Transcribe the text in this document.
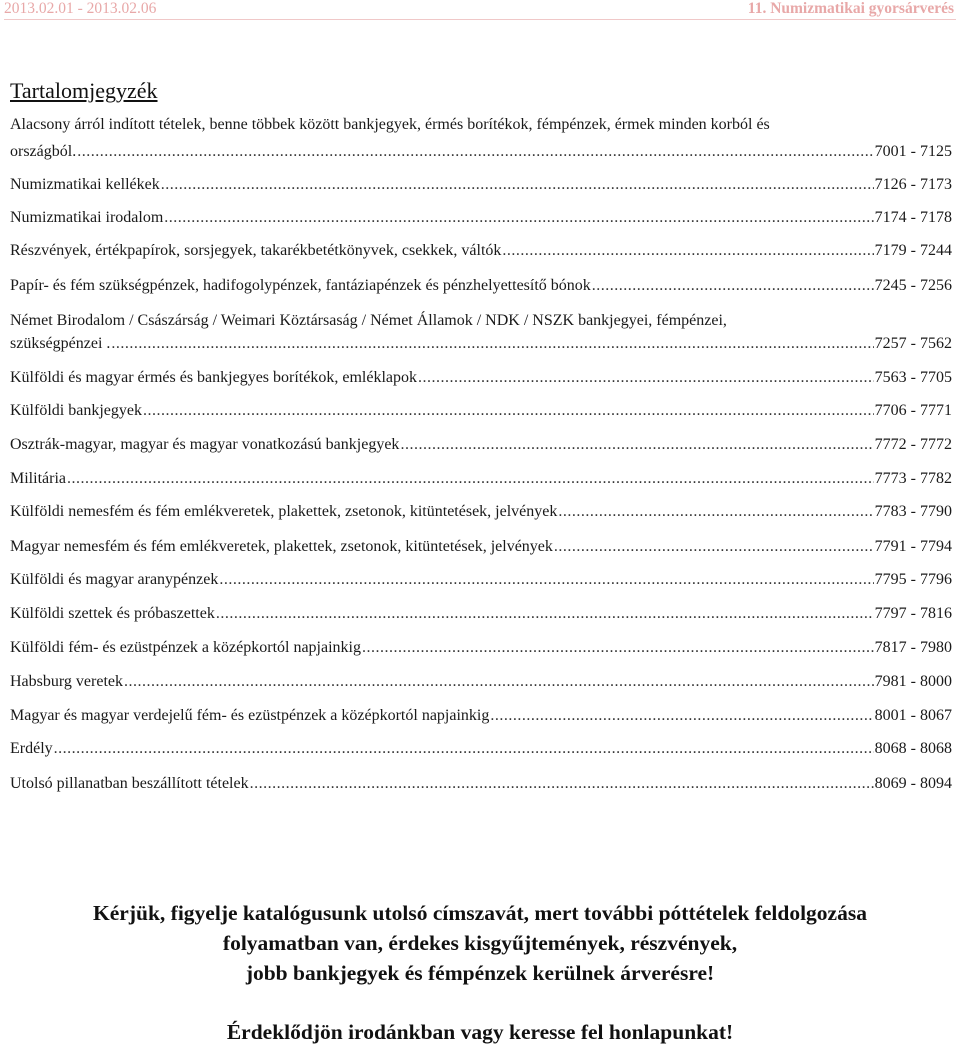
2013.02.01 - 2013.02.06	11. Numizmatikai gyorsárverés
Tartalomjegyzék
Alacsony árról indított tételek, benne többek között bankjegyek, érmés borítékok, fémpénzek, érmek minden korból és
országból. .....	7001 - 7125
Numizmatikai kellékek .....	7126 - 7173
Numizmatikai irodalom .....	7174 - 7178
Részvények, értékpapírok, sorsjegyek, takarékbetétkönyvek, csekkek, váltók .....	7179 - 7244
Papír- és fém szükségpénzek, hadifogolypénzek, fantáziapénzek és pénzhelyettesítő bónok .....	7245 - 7256
Német Birodalom / Császárság / Weimari Köztársaság / Német Államok / NDK / NSZK bankjegyei, fémpénzei,
szükségpénzei . .....	7257 - 7562
Külföldi és magyar érmés és bankjegyes borítékok, emléklapok .....	7563 - 7705
Külföldi bankjegyek .....	7706 - 7771
Osztrák-magyar, magyar és magyar vonatkozású bankjegyek .....	7772 - 7772
Militária .....	7773 - 7782
Külföldi nemesfém és fém emlékveretek, plakettek, zsetonok, kitüntetések, jelvények .....	7783 - 7790
Magyar nemesfém és fém emlékveretek, plakettek, zsetonok, kitüntetések, jelvények .....	7791 - 7794
Külföldi és magyar aranypénzek .....	7795 - 7796
Külföldi szettek és próbaszettek .....	7797 - 7816
Külföldi fém- és ezüstpénzek a középkortól napjainkig .....	7817 - 7980
Habsburg veretek .....	7981 - 8000
Magyar és magyar verdejelű fém- és ezüstpénzek a középkortól napjainkig .....	8001 - 8067
Erdély .....	8068 - 8068
Utolsó pillanatban beszállított tételek .....	8069 - 8094
Kérjük, figyelje katalógusunk utolsó címszavát, mert további póttételek feldolgozása
folyamatban van, érdekes kisgyűjtemények, részvények,
jobb bankjegyek és fémpénzek kerülnek árverésre!
Érdeklődjön irodánkban vagy keresse fel honlapunkat!
